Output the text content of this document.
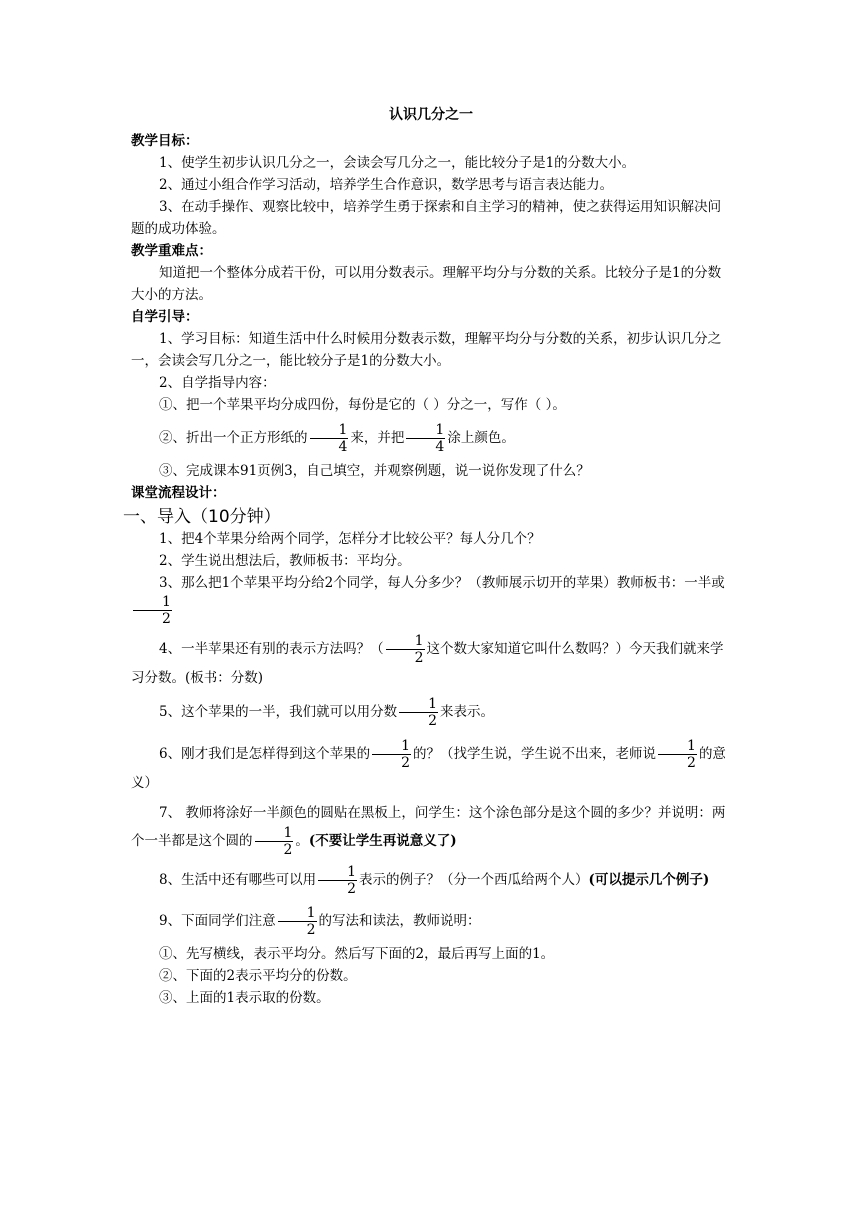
认识几分之一

教学目标：

1、使学生初步认识几分之一，会读会写几分之一，能比较分子是1的分数大小。

2、通过小组合作学习活动，培养学生合作意识，数学思考与语言表达能力。

3、在动手操作、观察比较中，培养学生勇于探索和自主学习的精神，使之获得运用知识解决问题的成功体验。

教学重难点：

知道把一个整体分成若干份，可以用分数表示。理解平均分与分数的关系。比较分子是1的分数大小的方法。

自学引导：

1、学习目标：知道生活中什么时候用分数表示数，理解平均分与分数的关系，初步认识几分之一，会读会写几分之一，能比较分子是1的分数大小。

2、自学指导内容：

①、把一个苹果平均分成四份，每份是它的（ ）分之一，写作（ ）。

②、折出一个正方形纸的 $\frac{1}{4}$ 来，并把 $\frac{1}{4}$ 涂上颜色。

③、完成课本91页例3，自己填空，并观察例题，说一说你发现了什么？

课堂流程设计：

一、导入（10分钟）

1、把4个苹果分给两个同学，怎样分才比较公平？每人分几个？

2、学生说出想法后，教师板书：平均分。

3、那么把1个苹果平均分给2个同学，每人分多少？（教师展示切开的苹果）教师板书：一半或
$\frac{1}{2}$

4、一半苹果还有别的表示方法吗？（ $\frac{1}{2}$ 这个数大家知道它叫什么数吗？）今天我们就来学习分数。(板书：分数)

5、这个苹果的一半，我们就可以用分数 $\frac{1}{2}$ 来表示。

6、刚才我们是怎样得到这个苹果的 $\frac{1}{2}$ 的？（找学生说，学生说不出来，老师说 $\frac{1}{2}$ 的意义）

7、 教师将涂好一半颜色的圆贴在黑板上，问学生：这个涂色部分是这个圆的多少？并说明：两个一半都是这个圆的 $\frac{1}{2}$ 。(不要让学生再说意义了)

8、生活中还有哪些可以用 $\frac{1}{2}$ 表示的例子？（分一个西瓜给两个人）(可以提示几个例子)

9、下面同学们注意 $\frac{1}{2}$ 的写法和读法，教师说明：

①、先写横线，表示平均分。然后写下面的2，最后再写上面的1。

②、下面的2表示平均分的份数。

③、上面的1表示取的份数。
